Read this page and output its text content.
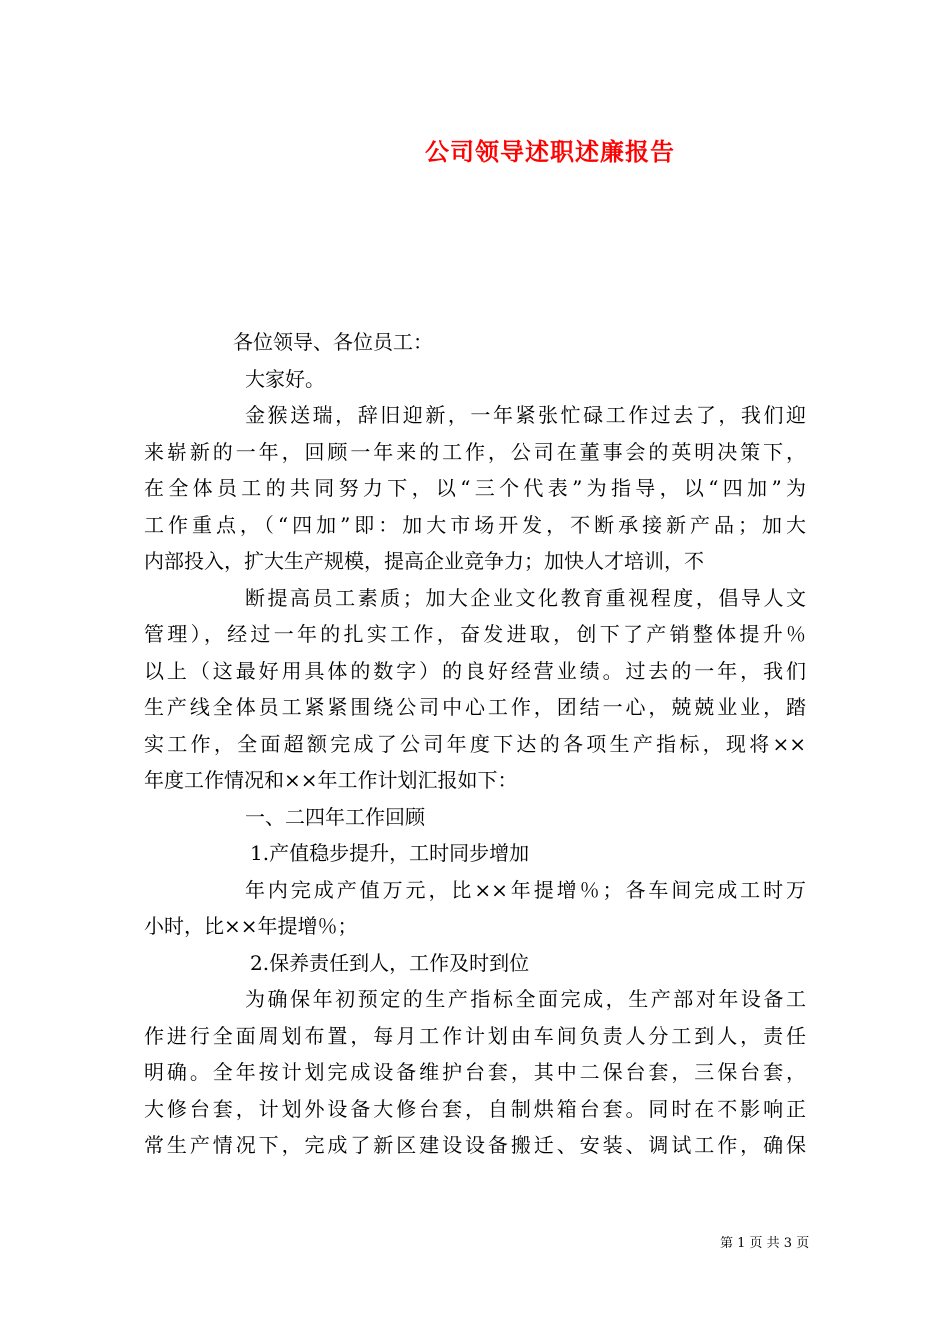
公司领导述职述廉报告
各位领导、各位员工：
大家好。
金猴送瑞，辞旧迎新，一年紧张忙碌工作过去了，我们迎
来崭新的一年，回顾一年来的工作，公司在董事会的英明决策下，
在全体员工的共同努力下，以“三个代表”为指导，以“四加”为
工作重点，（“四加”即：加大市场开发，不断承接新产品；加大
内部投入，扩大生产规模，提高企业竞争力；加快人才培训，不
断提高员工素质；加大企业文化教育重视程度，倡导人文
管理），经过一年的扎实工作，奋发进取，创下了产销整体提升％
以上（这最好用具体的数字）的良好经营业绩。过去的一年，我们
生产线全体员工紧紧围绕公司中心工作，团结一心，兢兢业业，踏
实工作，全面超额完成了公司年度下达的各项生产指标，现将××
年度工作情况和××年工作计划汇报如下：
一、二四年工作回顾
1.产值稳步提升，工时同步增加
年内完成产值万元，比××年提增％；各车间完成工时万
小时，比××年提增％；
2.保养责任到人，工作及时到位
为确保年初预定的生产指标全面完成，生产部对年设备工
作进行全面周划布置，每月工作计划由车间负责人分工到人，责任
明确。全年按计划完成设备维护台套，其中二保台套，三保台套，
大修台套，计划外设备大修台套，自制烘箱台套。同时在不影响正
常生产情况下，完成了新区建设设备搬迁、安装、调试工作，确保
第 1 页 共 3 页
